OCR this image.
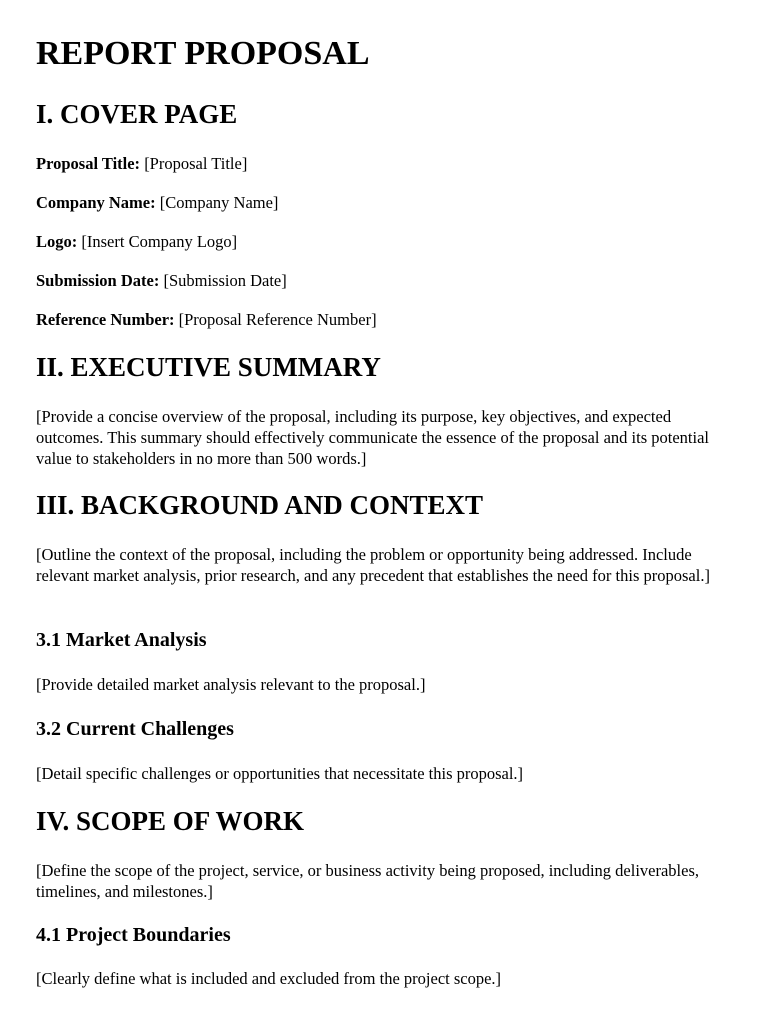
REPORT PROPOSAL
I. COVER PAGE
Proposal Title: [Proposal Title]
Company Name: [Company Name]
Logo: [Insert Company Logo]
Submission Date: [Submission Date]
Reference Number: [Proposal Reference Number]
II. EXECUTIVE SUMMARY

[Provide a concise overview of the proposal, including its purpose, key objectives, and expected outcomes. This summary should effectively communicate the essence of the proposal and its potential value to stakeholders in no more than 500 words.]

III. BACKGROUND AND CONTEXT

[Outline the context of the proposal, including the problem or opportunity being addressed. Include relevant market analysis, prior research, and any precedent that establishes the need for this proposal.]

3.1 Market Analysis

[Provide detailed market analysis relevant to the proposal.]

3.2 Current Challenges

[Detail specific challenges or opportunities that necessitate this proposal.]

IV. SCOPE OF WORK

[Define the scope of the project, service, or business activity being proposed, including deliverables, timelines, and milestones.]

4.1 Project Boundaries

[Clearly define what is included and excluded from the project scope.]
